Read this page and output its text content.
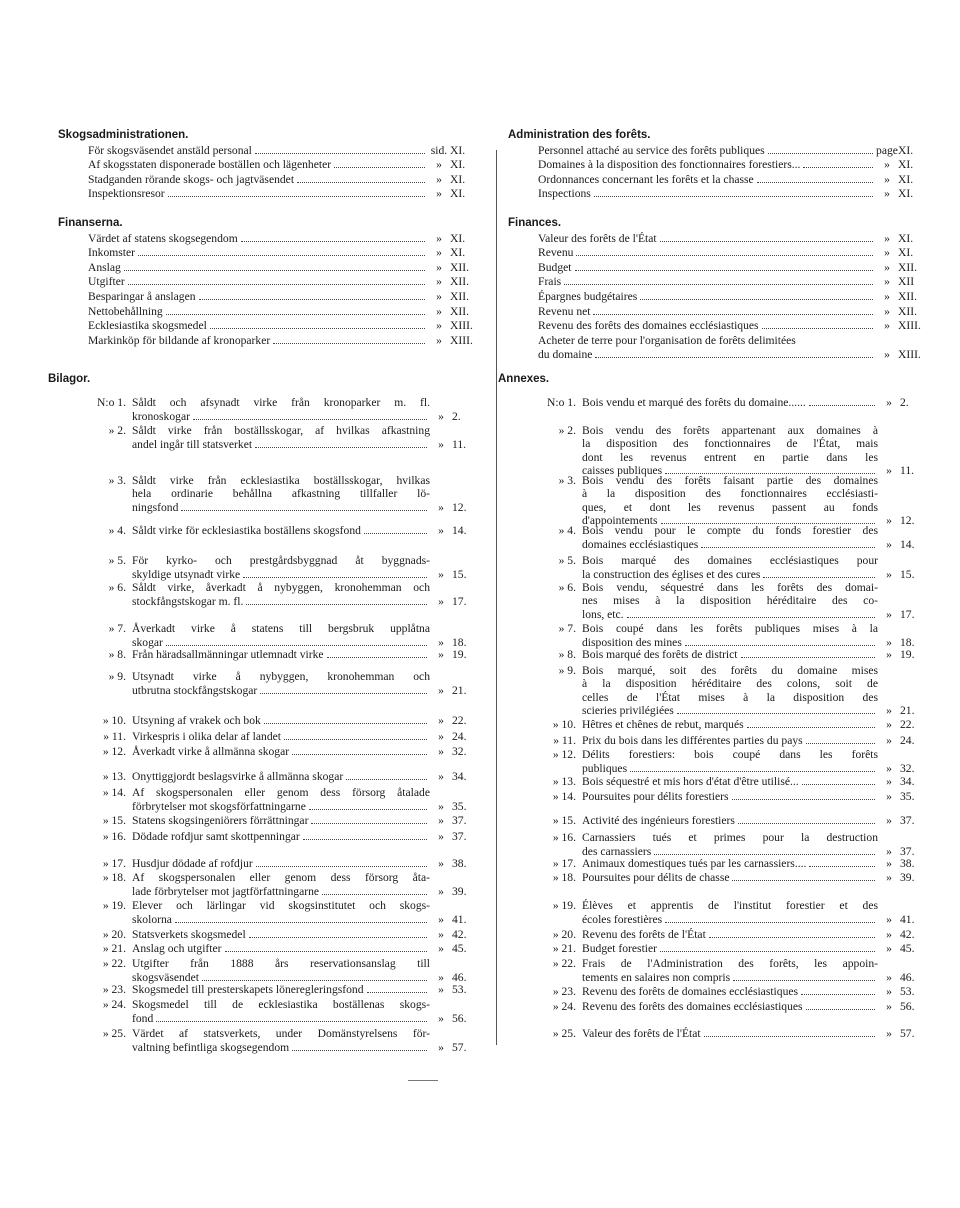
Skogsadministrationen.
För skogsväsendet anstäld personal	sid. XI.
Af skogsstaten disponerade boställen och lägenheter	» XI.
Stadganden rörande skogs- och jagtväsendet	» XI.
Inspektionsresor	» XI.
Finanserna.
Värdet af statens skogsegendom	» XI.
Inkomster	» XI.
Anslag	» XII.
Utgifter	» XII.
Besparingar å anslagen	» XII.
Nettobehållning	» XII.
Ecklesiastika skogsmedel	» XIII.
Markinköp för bildande af kronoparker	» XIII.
Bilagor.
N:o 1. Såldt och afsynadt virke från kronoparker m. fl.
kronoskogar	» 2.
» 2. Såldt virke från boställsskogar, af hvilkas afkastning
andel ingår till statsverket	» 11.
» 3. Såldt virke från ecklesiastika boställsskogar, hvilkas
hela ordinarie behållna afkastning tillfaller lö-
ningsfond	» 12.
» 4. Såldt virke för ecklesiastika boställens skogsfond	» 14.
» 5. För kyrko- och prestgårdsbyggnad åt byggnads-
skyldige utsynadt virke	» 15.
» 6. Såldt virke, åverkadt å nybyggen, kronohemman och
stockfångstskogar m. fl.	» 17.
» 7. Åverkadt virke å statens till bergsbruk upplåtna
skogar	» 18.
» 8. Från häradsallmänningar utlemnadt virke	» 19.
» 9. Utsynadt virke å nybyggen, kronohemman och
utbrutna stockfångstskogar	» 21.
» 10. Utsyning af vrakek och bok	» 22.
» 11. Virkespris i olika delar af landet	» 24.
» 12. Åverkadt virke å allmänna skogar	» 32.
» 13. Onyttiggjordt beslagsvirke å allmänna skogar	» 34.
» 14. Af skogspersonalen eller genom dess försorg åtalade
förbrytelser mot skogsförfattningarne	» 35.
» 15. Statens skogsingeniörers förrättningar	» 37.
» 16. Dödade rofdjur samt skottpenningar	» 37.
» 17. Husdjur dödade af rofdjur	» 38.
» 18. Af skogspersonalen eller genom dess försorg åta-
lade förbrytelser mot jagtförfattningarne	» 39.
» 19. Elever och lärlingar vid skogsinstitutet och skogs-
skolorna	» 41.
» 20. Statsverkets skogsmedel	» 42.
» 21. Anslag och utgifter	» 45.
» 22. Utgifter från 1888 års reservationsanslag till
skogsväsendet	» 46.
» 23. Skogsmedel till presterskapets löneregleringsfond	» 53.
» 24. Skogsmedel till de ecklesiastika boställenas skogs-
fond	» 56.
» 25. Värdet af statsverkets, under Domänstyrelsens för-
valtning befintliga skogsegendom	» 57.
Administration des forêts.
Personnel attaché au service des forêts publiques	page XI.
Domaines à la disposition des fonctionnaires forestiers...	» XI.
Ordonnances concernant les forêts et la chasse	» XI.
Inspections	» XI.
Finances.
Valeur des forêts de l'État	» XI.
Revenu	» XI.
Budget	» XII.
Frais	» XII
Épargnes budgétaires	» XII.
Revenu net	» XII.
Revenu des forêts des domaines ecclésiastiques	» XIII.
Acheter de terre pour l'organisation de forêts delimitées
du domaine	» XIII.
Annexes.
N:o 1. Bois vendu et marqué des forêts du domaine......	» 2.
» 2. Bois vendu des forêts appartenant aux domaines à
la disposition des fonctionnaires de l'État, mais
dont les revenus entrent en partie dans les
caisses publiques	» 11.
» 3. Bois vendu des forêts faisant partie des domaines
à la disposition des fonctionnaires ecclésiasti-
ques, et dont les revenus passent au fonds
d'appointements	» 12.
» 4. Bois vendu pour le compte du fonds forestier des
domaines ecclésiastiques	» 14.
» 5. Bois marqué des domaines ecclésiastiques pour
la construction des églises et des cures	» 15.
» 6. Bois vendu, séquestré dans les forêts des domai-
nes mises à la disposition héréditaire des co-
lons, etc.	» 17.
» 7. Bois coupé dans les forêts publiques mises à la
disposition des mines	» 18.
» 8. Bois marqué des forêts de district	» 19.
» 9. Bois marqué, soit des forêts du domaine mises
à la disposition héréditaire des colons, soit de
celles de l'État mises à la disposition des
scieries privilégiées	» 21.
» 10. Hêtres et chênes de rebut, marqués	» 22.
» 11. Prix du bois dans les différentes parties du pays	» 24.
» 12. Délits forestiers: bois coupé dans les forêts
publiques	» 32.
» 13. Bois séquestré et mis hors d'état d'être utilisé...	» 34.
» 14. Poursuites pour délits forestiers	» 35.
» 15. Activité des ingénieurs forestiers	» 37.
» 16. Carnassiers tués et primes pour la destruction
des carnassiers	» 37.
» 17. Animaux domestiques tués par les carnassiers....	» 38.
» 18. Poursuites pour délits de chasse	» 39.
» 19. Élèves et apprentis de l'institut forestier et des
écoles forestières	» 41.
» 20. Revenu des forêts de l'État	» 42.
» 21. Budget forestier	» 45.
» 22. Frais de l'Administration des forêts, les appoin-
tements en salaires non compris	» 46.
» 23. Revenu des forêts de domaines ecclésiastiques	» 53.
» 24. Revenu des forêts des domaines ecclésiastiques	» 56.
» 25. Valeur des forêts de l'État	» 57.
